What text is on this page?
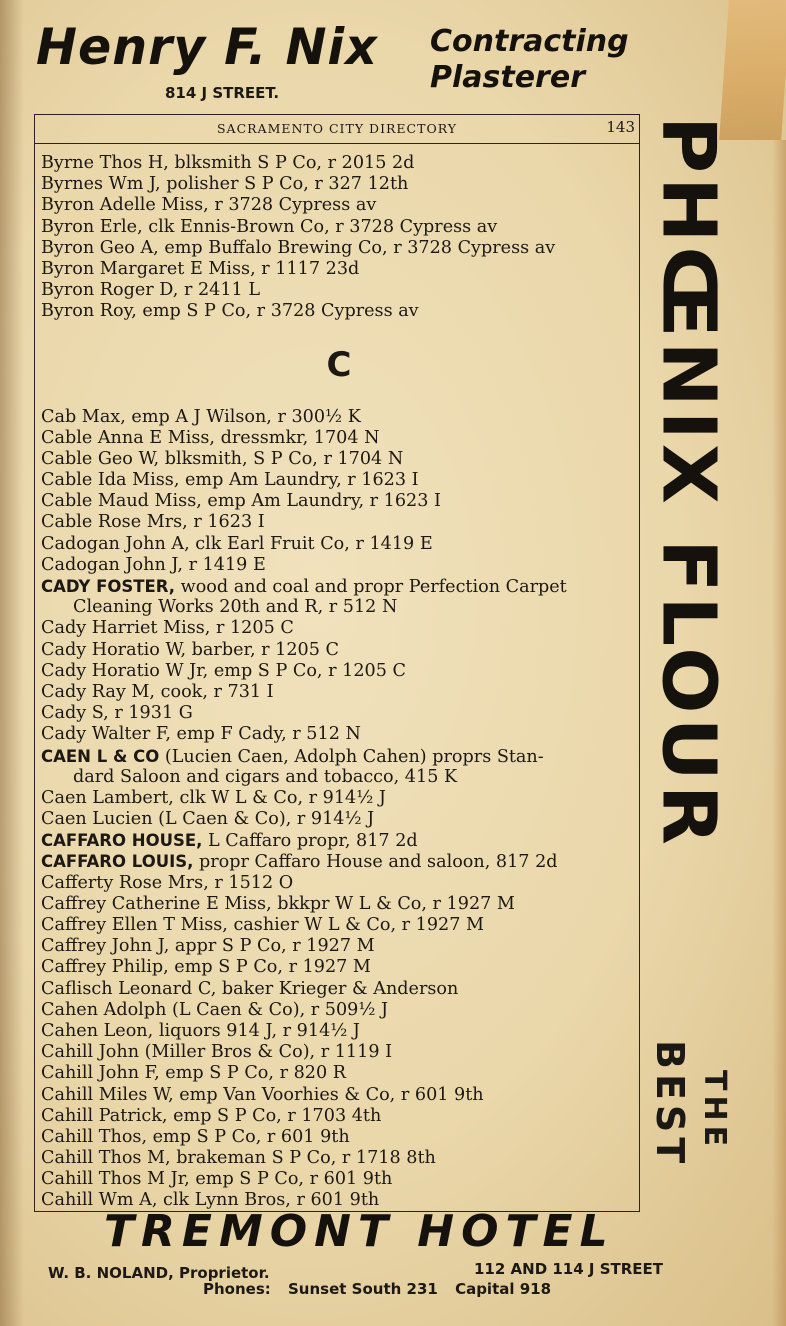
Henry F. Nix
814 J STREET.
Contracting
Plasterer
SACRAMENTO CITY DIRECTORY	143
Byrne Thos H, blksmith S P Co, r 2015 2d
Byrnes Wm J, polisher S P Co, r 327 12th
Byron Adelle Miss, r 3728 Cypress av
Byron Erle, clk Ennis-Brown Co, r 3728 Cypress av
Byron Geo A, emp Buffalo Brewing Co, r 3728 Cypress av
Byron Margaret E Miss, r 1117 23d
Byron Roger D, r 2411 L
Byron Roy, emp S P Co, r 3728 Cypress av
C
Cab Max, emp A J Wilson, r 300½ K
Cable Anna E Miss, dressmkr, 1704 N
Cable Geo W, blksmith, S P Co, r 1704 N
Cable Ida Miss, emp Am Laundry, r 1623 I
Cable Maud Miss, emp Am Laundry, r 1623 I
Cable Rose Mrs, r 1623 I
Cadogan John A, clk Earl Fruit Co, r 1419 E
Cadogan John J, r 1419 E
CADY FOSTER, wood and coal and propr Perfection Carpet
Cleaning Works 20th and R, r 512 N
Cady Harriet Miss, r 1205 C
Cady Horatio W, barber, r 1205 C
Cady Horatio W Jr, emp S P Co, r 1205 C
Cady Ray M, cook, r 731 I
Cady S, r 1931 G
Cady Walter F, emp F Cady, r 512 N
CAEN L & CO (Lucien Caen, Adolph Cahen) proprs Stan-
dard Saloon and cigars and tobacco, 415 K
Caen Lambert, clk W L & Co, r 914½ J
Caen Lucien (L Caen & Co), r 914½ J
CAFFARO HOUSE, L Caffaro propr, 817 2d
CAFFARO LOUIS, propr Caffaro House and saloon, 817 2d
Cafferty Rose Mrs, r 1512 O
Caffrey Catherine E Miss, bkkpr W L & Co, r 1927 M
Caffrey Ellen T Miss, cashier W L & Co, r 1927 M
Caffrey John J, appr S P Co, r 1927 M
Caffrey Philip, emp S P Co, r 1927 M
Caflisch Leonard C, baker Krieger & Anderson
Cahen Adolph (L Caen & Co), r 509½ J
Cahen Leon, liquors 914 J, r 914½ J
Cahill John (Miller Bros & Co), r 1119 I
Cahill John F, emp S P Co, r 820 R
Cahill Miles W, emp Van Voorhies & Co, r 601 9th
Cahill Patrick, emp S P Co, r 1703 4th
Cahill Thos, emp S P Co, r 601 9th
Cahill Thos M, brakeman S P Co, r 1718 8th
Cahill Thos M Jr, emp S P Co, r 601 9th
Cahill Wm A, clk Lynn Bros, r 601 9th
PHŒNIX FLOUR
BEST THE
TREMONT HOTEL
W. B. NOLAND, Proprietor.	112 AND 114 J STREET
Phones: Sunset South 231 Capital 918
